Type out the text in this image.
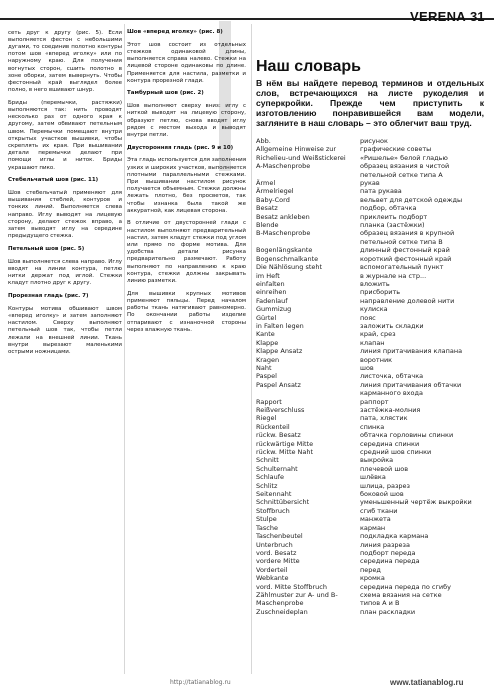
VERENA 31

сеть друг к другу (рис. 5). Если выполняется фестон с небольшими дугами, то соединив полотно контуры потом шов «вперед иголку» или по наружному краю. Для получения вогнутых сторон, сшить полотно в зоне оборки, затем вывернуть. Чтобы фестонный край выглядел более полно, в него вшивают шнур.

Бриды (перемычки, растяжки) выполняются так: нить проводят несколько раз от одного края к другому, затем обвивают петельным швом. Перемычки помещают внутри открытых участков вышивки, чтобы скреплять их края. При вышивании детали перемычки делают при помощи иглы и ниток. Бриды украшают пико.

Стебельчатый шов (рис. 11)

Шов стебельчатый применяют для вышивания стеблей, контуров и тонких линий. Выполняется слева направо. Иглу выводят на лицевую сторону, делают стежок вправо, а затем выводят иглу на середине предыдущего стежка.

Петельный шов (рис. 5)

Шов выполняется слева направо. Иглу вводят на линии контура, петлю нитки держат под иглой. Стежки кладут плотно друг к другу.

Прорезная гладь (рис. 7)

Контуры мотива обшивают швом «вперед иголку» и затем заполняют настилом. Сверху выполняют петельный шов так, чтобы петли лежали на внешней линии. Ткань внутри вырезают маленькими острыми ножницами.

Шов «вперед иголку» (рис. 8)

Этот шов состоит из отдельных стежков одинаковой длины, выполняется справа налево. Стежки на лицевой стороне одинаковы по длине. Применяется для настила, разметки и контура прорезной глади.

Тамбурный шов (рис. 2)

Шов выполняют сверху вниз: иглу с ниткой выводят на лицевую сторону, образуют петлю, снова вводят иглу рядом с местом выхода и выводят внутри петли.

Двусторонняя гладь (рис. 9 и 10)

Эта гладь используется для заполнения узких и широких участков, выполняется плотными параллельными стежками. При вышивании настилом рисунок получается объемным. Стежки должны лежать плотно, без просветов, так чтобы изнанка была такой же аккуратной, как лицевая сторона.

В отличие от двусторонней глади с настилом выполняют предварительный настил, затем кладут стежки под углом или прямо по форме мотива. Для удобства детали рисунка предварительно размечают. Работу выполняют по направлению к краю контура, стежки должны закрывать линию разметки.

Для вышивки крупных мотивов применяют пяльцы. Перед началом работы ткань натягивают равномерно. По окончании работы изделие отпаривают с изнаночной стороны через влажную ткань.

Наш словарь
В нём вы найдете перевод терминов и отдельных слов, встречающихся на листе рукоделия и суперкройки. Прежде чем приступить к изготовлению понравившейся вам модели, загляните в наш словарь – это облегчит ваш труд.
Abb.	рисунок
Allgemeine Hinweise zur	графические советы
Richelieu-und Weißstickerei	«Ришелье» белой гладью
A-Maschenprobe	образец вязания в чистой
петельной сетке типа А
Ärmel	рукав
Ärmelriegel	пата рукава
Baby-Cord	вельвет для детской одежды
Besatz	подбор, обтачка
Besatz ankleben	приклеить подборт
Blende	планка (застёжки)
B-Maschenprobe	образец вязания в крупной
петельной сетке типа В
Bogenlängskante	длинный фестонный край
Bogenschmalkante	короткий фестонный край
Die Nählösung steht	вспомогательный пункт
im Heft	в журнале на стр...
einfalten	вложить
einreihen	присборить
Fadenlauf	направление долевой нити
Gummizug	кулиска
Gürtel	пояс
in Falten legen	заложить складки
Kante	край, срез
Klappe	клапан
Klappe Ansatz	линия притачивания клапана
Kragen	воротник
Naht	шов
Paspel	листочка, обтачка
Paspel Ansatz	линия притачивания обтачки
карманного входа
Rapport	раппорт
Reißverschluss	застёжка-молния
Riegel	пата, хлястик
Rückenteil	спинка
rückw. Besatz	обтачка горловины спинки
rückwärtige Mitte	середина спинки
rückw. Mitte Naht	средний шов спинки
Schnitt	выкройка
Schulternaht	плечевой шов
Schlaufe	шлёвка
Schlitz	шлица, разрез
Seitennaht	боковой шов
Schnittübersicht	уменьшенный чертёж выкройки
Stoffbruch	сгиб ткани
Stulpe	манжета
Tasche	карман
Taschenbeutel	подкладка кармана
Unterbruch	линия разреза
vord. Besatz	подборт переда
vordere Mitte	середина переда
Vorderteil	перед
Webkante	кромка
vord. Mitte Stoffbruch	середина переда по сгибу
Zählmuster zur A- und B-	схема вязания на сетке
Maschenprobe	типов А и В
Zuschneideplan	план раскладки
http://tatianablog.ru	www.tatianablog.ru
